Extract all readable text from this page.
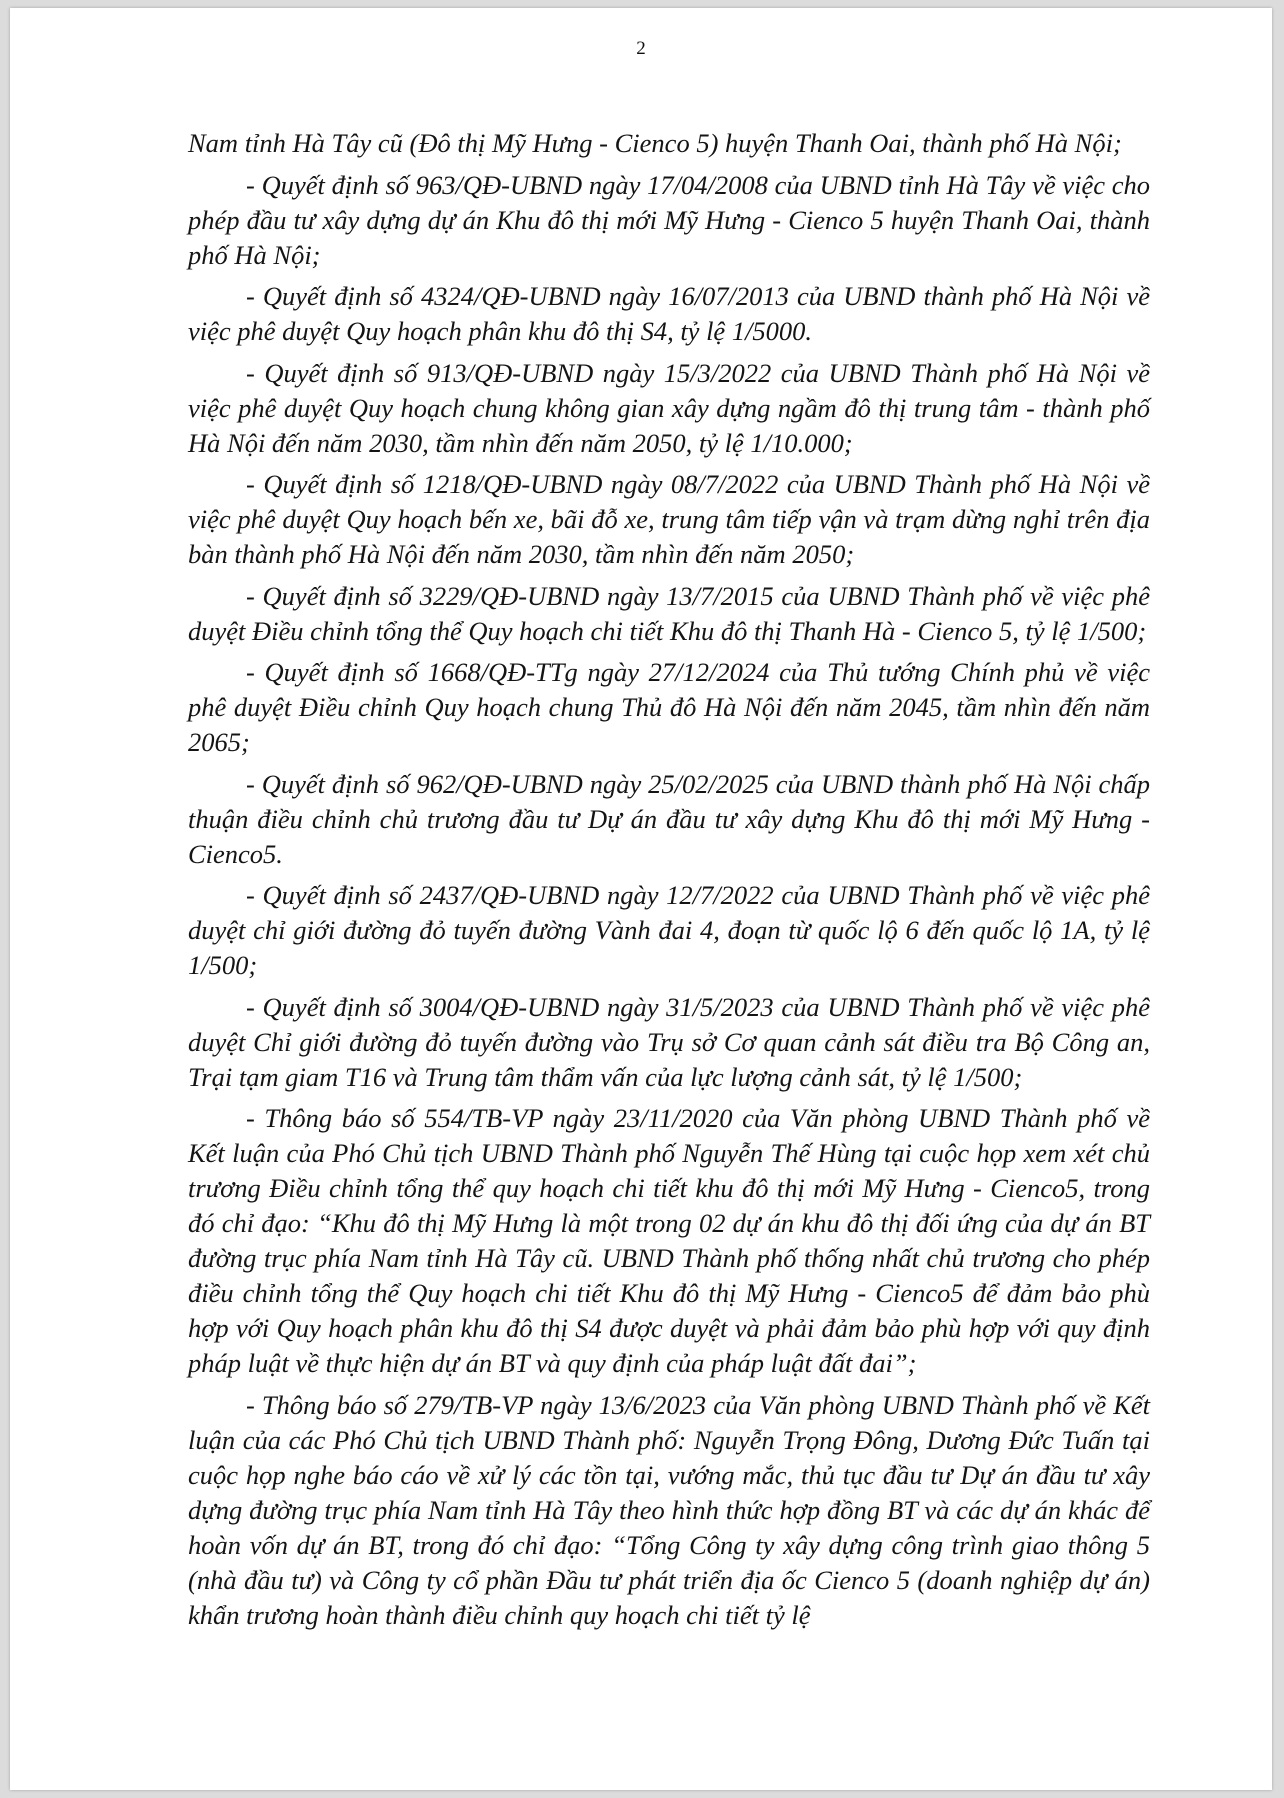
2

Nam tỉnh Hà Tây cũ (Đô thị Mỹ Hưng - Cienco 5) huyện Thanh Oai, thành phố Hà Nội;

- Quyết định số 963/QĐ-UBND ngày 17/04/2008 của UBND tỉnh Hà Tây về việc cho phép đầu tư xây dựng dự án Khu đô thị mới Mỹ Hưng - Cienco 5 huyện Thanh Oai, thành phố Hà Nội;

- Quyết định số 4324/QĐ-UBND ngày 16/07/2013 của UBND thành phố Hà Nội về việc phê duyệt Quy hoạch phân khu đô thị S4, tỷ lệ 1/5000.

- Quyết định số 913/QĐ-UBND ngày 15/3/2022 của UBND Thành phố Hà Nội về việc phê duyệt Quy hoạch chung không gian xây dựng ngầm đô thị trung tâm - thành phố Hà Nội đến năm 2030, tầm nhìn đến năm 2050, tỷ lệ 1/10.000;

- Quyết định số 1218/QĐ-UBND ngày 08/7/2022 của UBND Thành phố Hà Nội về việc phê duyệt Quy hoạch bến xe, bãi đỗ xe, trung tâm tiếp vận và trạm dừng nghỉ trên địa bàn thành phố Hà Nội đến năm 2030, tầm nhìn đến năm 2050;

- Quyết định số 3229/QĐ-UBND ngày 13/7/2015 của UBND Thành phố về việc phê duyệt Điều chỉnh tổng thể Quy hoạch chi tiết Khu đô thị Thanh Hà - Cienco 5, tỷ lệ 1/500;

- Quyết định số 1668/QĐ-TTg ngày 27/12/2024 của Thủ tướng Chính phủ về việc phê duyệt Điều chỉnh Quy hoạch chung Thủ đô Hà Nội đến năm 2045, tầm nhìn đến năm 2065;

- Quyết định số 962/QĐ-UBND ngày 25/02/2025 của UBND thành phố Hà Nội chấp thuận điều chỉnh chủ trương đầu tư Dự án đầu tư xây dựng Khu đô thị mới Mỹ Hưng - Cienco5.

- Quyết định số 2437/QĐ-UBND ngày 12/7/2022 của UBND Thành phố về việc phê duyệt chỉ giới đường đỏ tuyến đường Vành đai 4, đoạn từ quốc lộ 6 đến quốc lộ 1A, tỷ lệ 1/500;

- Quyết định số 3004/QĐ-UBND ngày 31/5/2023 của UBND Thành phố về việc phê duyệt Chỉ giới đường đỏ tuyến đường vào Trụ sở Cơ quan cảnh sát điều tra Bộ Công an, Trại tạm giam T16 và Trung tâm thẩm vấn của lực lượng cảnh sát, tỷ lệ 1/500;

- Thông báo số 554/TB-VP ngày 23/11/2020 của Văn phòng UBND Thành phố về Kết luận của Phó Chủ tịch UBND Thành phố Nguyễn Thế Hùng tại cuộc họp xem xét chủ trương Điều chỉnh tổng thể quy hoạch chi tiết khu đô thị mới Mỹ Hưng - Cienco5, trong đó chỉ đạo: “Khu đô thị Mỹ Hưng là một trong 02 dự án khu đô thị đối ứng của dự án BT đường trục phía Nam tỉnh Hà Tây cũ. UBND Thành phố thống nhất chủ trương cho phép điều chỉnh tổng thể Quy hoạch chi tiết Khu đô thị Mỹ Hưng - Cienco5 để đảm bảo phù hợp với Quy hoạch phân khu đô thị S4 được duyệt và phải đảm bảo phù hợp với quy định pháp luật về thực hiện dự án BT và quy định của pháp luật đất đai”;

- Thông báo số 279/TB-VP ngày 13/6/2023 của Văn phòng UBND Thành phố về Kết luận của các Phó Chủ tịch UBND Thành phố: Nguyễn Trọng Đông, Dương Đức Tuấn tại cuộc họp nghe báo cáo về xử lý các tồn tại, vướng mắc, thủ tục đầu tư Dự án đầu tư xây dựng đường trục phía Nam tỉnh Hà Tây theo hình thức hợp đồng BT và các dự án khác để hoàn vốn dự án BT, trong đó chỉ đạo: “Tổng Công ty xây dựng công trình giao thông 5 (nhà đầu tư) và Công ty cổ phần Đầu tư phát triển địa ốc Cienco 5 (doanh nghiệp dự án) khẩn trương hoàn thành điều chỉnh quy hoạch chi tiết tỷ lệ
